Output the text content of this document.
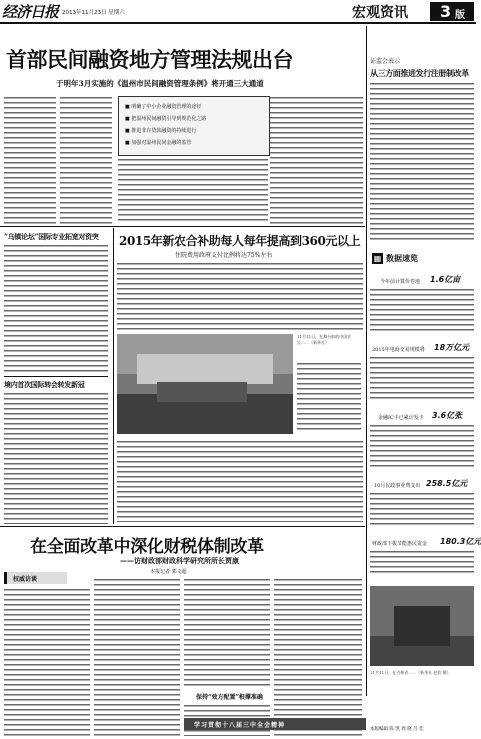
经济日报 2013年11月23日 星期六	宏观资讯 3 版
首部民间融资地方管理法规出台
于明年3月实施的《温州市民间融资管理条例》将开通三大通道
■ 明确了中小企业融资管理的途径
■ 把温州民间融资引导到规范化之路
■ 推进非存贷款融资的持续进行
■ 加强对温州民间金融的监管
“乌镇论坛”国际专业拓宽对资突
境内首次国际转会转发新冠
2015年新农合补助每人每年提高到360元以上
住院费用政府支付比例将达75%左右
11月11日，在舞台前的中国农民……（新华社）
在全面改革中深化财税体制改革
——访财政部财政科学研究所所长贾康
本报记者 郭文超
权威访谈
保持“效方配置”根撑准确
证监会表示
从三方面推进发行注册制改革
▦ 数据速览
今年前计算价卷地 1.6亿亩
2015年电商交易规模将 18万亿元
金融IC卡已累计发卡 3.6亿张
10月民政事业费支出 258.5亿元
财政部下拨节能惠民资金 180.3亿元
11月11日，在吉林省……（新华社 赵钦 摄）
本版编辑 陈 凯 周 晓 吕 佳
学习贯彻十八届三中全会精神
